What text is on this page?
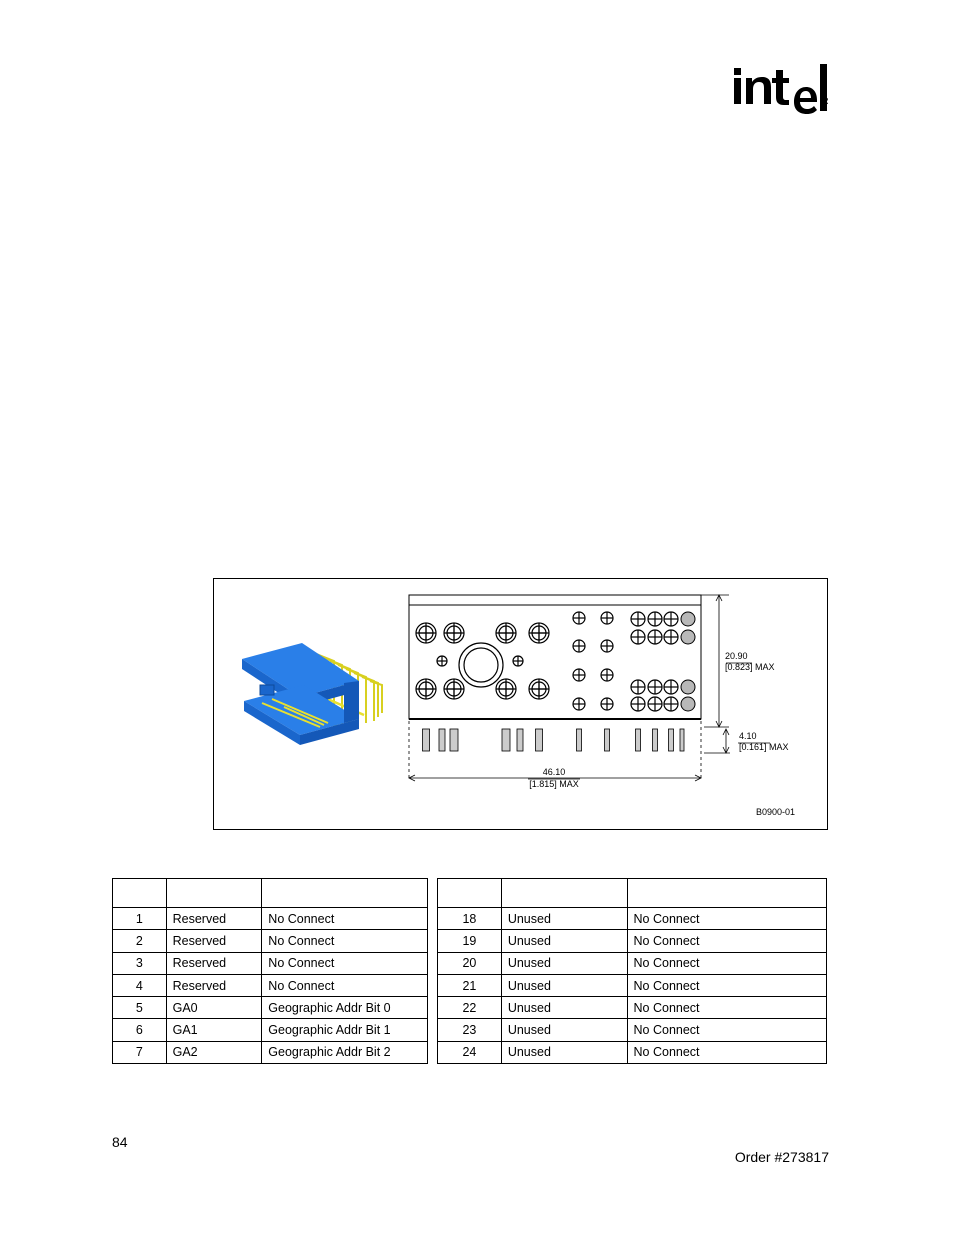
R
20.90
[0.823] MAX
4.10
[0.161] MAX
46.10
[1.815] MAX
B0900-01

1	Reserved	No Connect
2	Reserved	No Connect
3	Reserved	No Connect
4	Reserved	No Connect
5	GA0	Geographic Addr Bit 0
6	GA1	Geographic Addr Bit 1
7	GA2	Geographic Addr Bit 2

18	Unused	No Connect
19	Unused	No Connect
20	Unused	No Connect
21	Unused	No Connect
22	Unused	No Connect
23	Unused	No Connect
24	Unused	No Connect
84
Order #273817
